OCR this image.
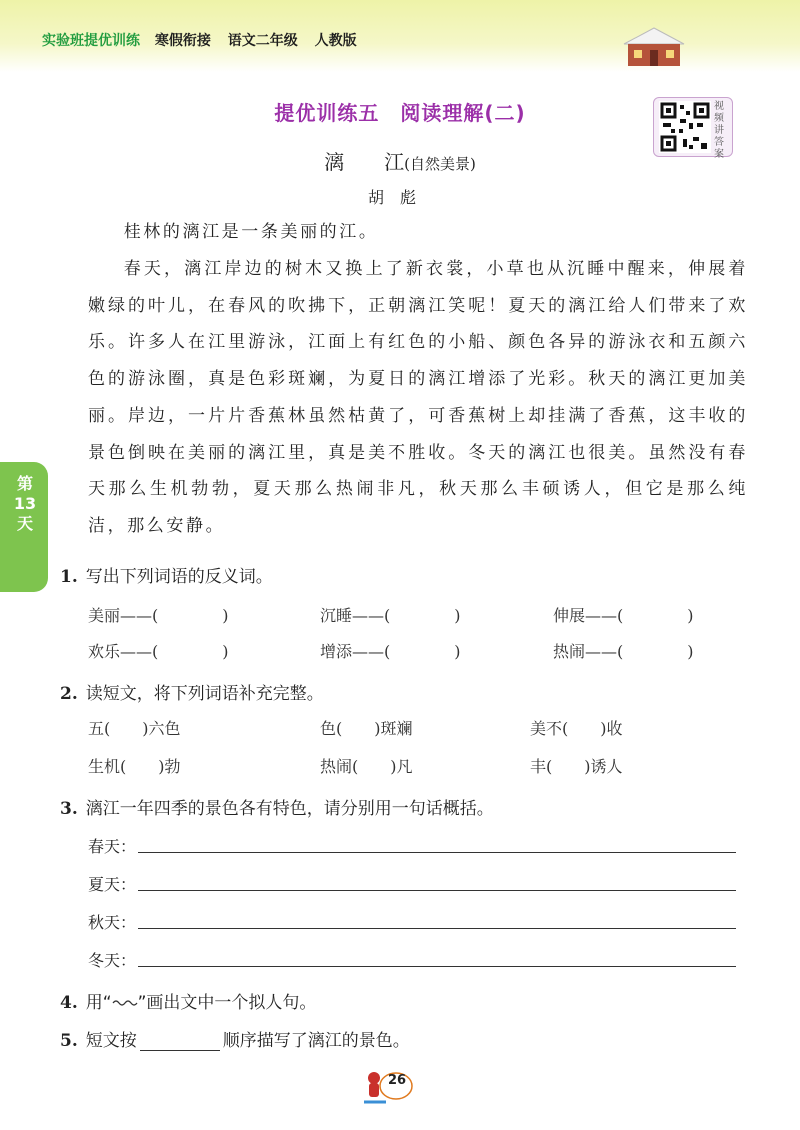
实验班提优训练 寒假衔接 语文二年级 人教版
提优训练五　阅读理解(二)	视频讲答案
漓　　江(自然美景)
胡彪
桂林的漓江是一条美丽的江。
春天，漓江岸边的树木又换上了新衣裳，小草也从沉睡中醒来，伸展着嫩绿的叶儿，在春风的吹拂下，正朝漓江笑呢！夏天的漓江给人们带来了欢乐。许多人在江里游泳，江面上有红色的小船、颜色各异的游泳衣和五颜六色的游泳圈，真是色彩斑斓，为夏日的漓江增添了光彩。秋天的漓江更加美丽。岸边，一片片香蕉林虽然枯黄了，可香蕉树上却挂满了香蕉，这丰收的景色倒映在美丽的漓江里，真是美不胜收。冬天的漓江也很美。虽然没有春天那么生机勃勃，夏天那么热闹非凡，秋天那么丰硕诱人，但它是那么纯洁，那么安静。
第
13
天
1. 写出下列词语的反义词。
美丽——(　　　　)	沉睡——(　　　　)	伸展——(　　　　)
欢乐——(　　　　)	增添——(　　　　)	热闹——(　　　　)
2. 读短文，将下列词语补充完整。
五(　　)六色	色(　　)斑斓	美不(　　)收
生机(　　)勃	热闹(　　)凡	丰(　　)诱人
3. 漓江一年四季的景色各有特色，请分别用一句话概括。
春天：
夏天：
秋天：
冬天：
4. 用“ ”画出文中一个拟人句。
5. 短文按	顺序描写了漓江的景色。
26
